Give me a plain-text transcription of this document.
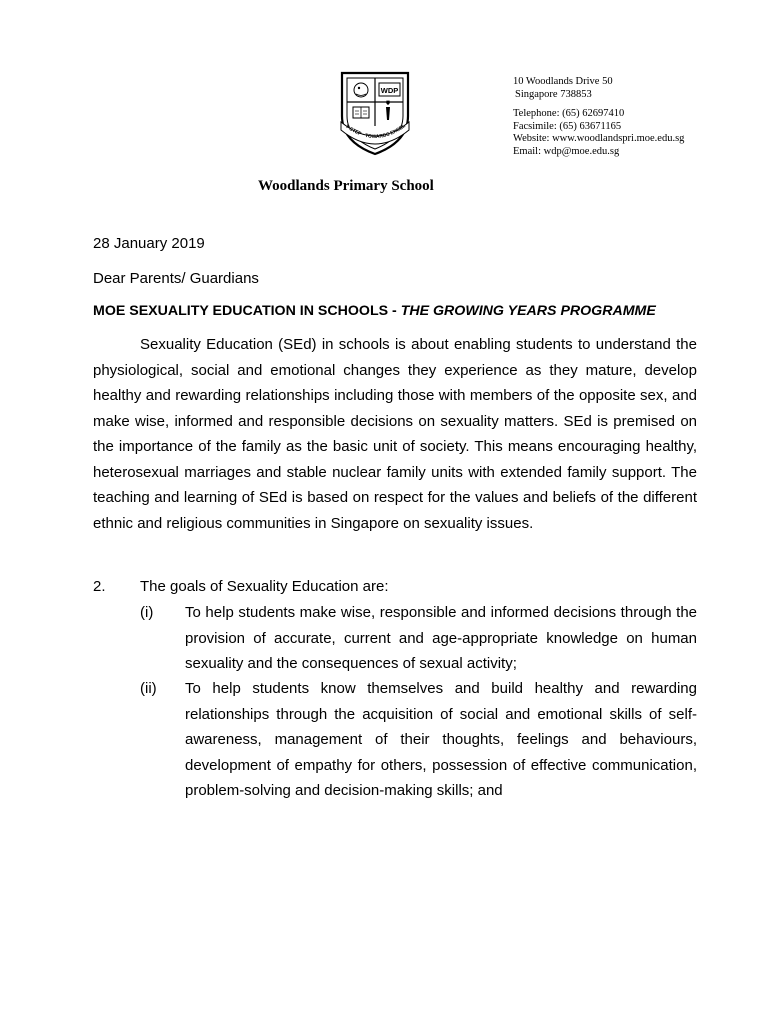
WDP
Y STEP · TOWARDS EXCEL
10 Woodlands Drive 50
Singapore 738853
Telephone: (65) 62697410
Facsimile: (65) 63671165
Website: www.woodlandspri.moe.edu.sg
Email: wdp@moe.edu.sg
Woodlands Primary School
28 January 2019
Dear Parents/ Guardians
MOE SEXUALITY EDUCATION IN SCHOOLS - THE GROWING YEARS PROGRAMME

Sexuality Education (SEd) in schools is about enabling students to understand the physiological, social and emotional changes they experience as they mature, develop healthy and rewarding relationships including those with members of the opposite sex, and make wise, informed and responsible decisions on sexuality matters. SEd is premised on the importance of the family as the basic unit of society. This means encouraging healthy, heterosexual marriages and stable nuclear family units with extended family support. The teaching and learning of SEd is based on respect for the values and beliefs of the different ethnic and religious communities in Singapore on sexuality issues.

2. The goals of Sexuality Education are:
(i) To help students make wise, responsible and informed decisions through the provision of accurate, current and age-appropriate knowledge on human sexuality and the consequences of sexual activity;
(ii) To help students know themselves and build healthy and rewarding relationships through the acquisition of social and emotional skills of self-awareness, management of their thoughts, feelings and behaviours, development of empathy for others, possession of effective communication, problem-solving and decision-making skills; and
